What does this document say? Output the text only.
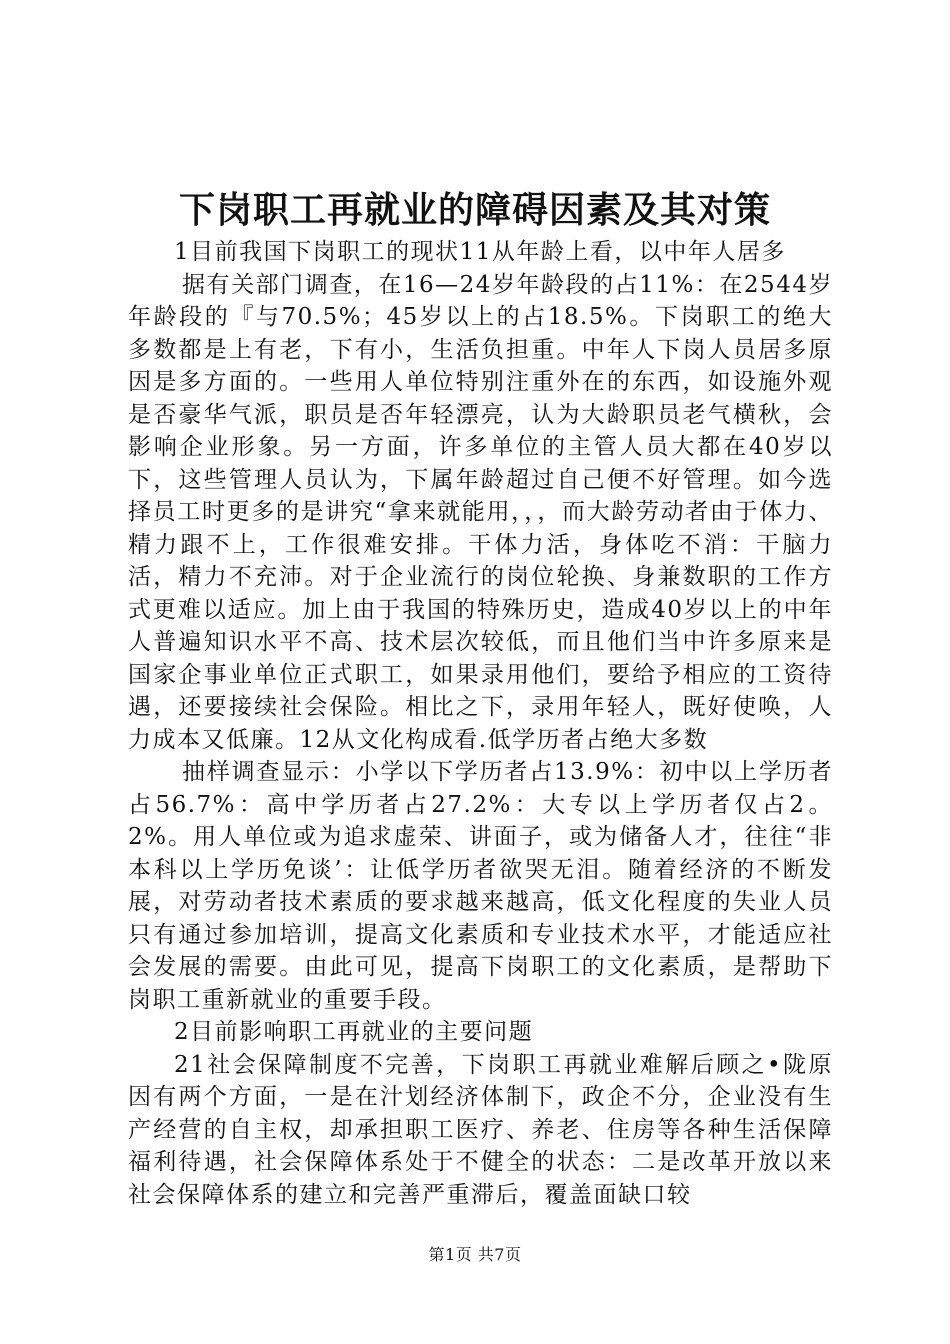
下岗职工再就业的障碍因素及其对策

1目前我国下岗职工的现状11从年龄上看，以中年人居多

据有关部门调查，在16—24岁年龄段的占11%：在2544岁年龄段的『与70.5%；45岁以上的占18.5%。下岗职工的绝大多数都是上有老，下有小，生活负担重。中年人下岗人员居多原因是多方面的。一些用人单位特别注重外在的东西，如设施外观是否豪华气派，职员是否年轻漂亮，认为大龄职员老气横秋，会影响企业形象。另一方面，许多单位的主管人员大都在40岁以下，这些管理人员认为，下属年龄超过自己便不好管理。如今选择员工时更多的是讲究“拿来就能用，，，而大龄劳动者由于体力、精力跟不上，工作很难安排。干体力活，身体吃不消：干脑力活，精力不充沛。对于企业流行的岗位轮换、身兼数职的工作方式更难以适应。加上由于我国的特殊历史，造成40岁以上的中年人普遍知识水平不高、技术层次较低，而且他们当中许多原来是国家企事业单位正式职工，如果录用他们，要给予相应的工资待遇，还要接续社会保险。相比之下，录用年轻人，既好使唤，人力成本又低廉。12从文化构成看.低学历者占绝大多数

抽样调查显示：小学以下学历者占13.9%：初中以上学历者占56.7%：高中学历者占27.2%：大专以上学历者仅占2。2%。用人单位或为追求虚荣、讲面子，或为储备人才，往往“非本科以上学历免谈’：让低学历者欲哭无泪。随着经济的不断发展，对劳动者技术素质的要求越来越高，低文化程度的失业人员只有通过参加培训，提高文化素质和专业技术水平，才能适应社会发展的需要。由此可见，提高下岗职工的文化素质，是帮助下岗职工重新就业的重要手段。

2目前影响职工再就业的主要问题

21社会保障制度不完善，下岗职工再就业难解后顾之•陇原因有两个方面，一是在汁划经济体制下，政企不分，企业没有生产经营的自主权，却承担职工医疗、养老、住房等各种生活保障福利待遇，社会保障体系处于不健全的状态：二是改革开放以来社会保障体系的建立和完善严重滞后，覆盖面缺口较

第1页 共7页
